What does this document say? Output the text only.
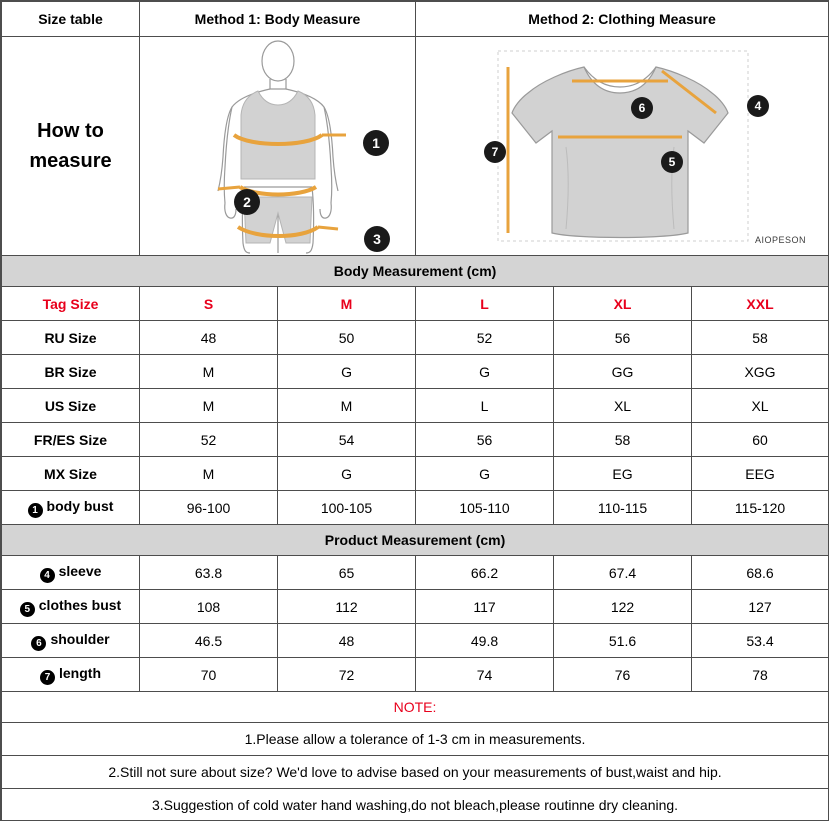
Size table	Method 1: Body Measure		Method 2: Clothing Measure		

How to
measure

1
2
3

6	4
5
7
AIOPESON

Body Measurement (cm)					
Tag Size	S	M	L	XL	XXL
RU Size	48	50	52	56	58
BR Size	M	G	G	GG	XGG
US Size	M	M	L	XL	XL
FR/ES Size	52	54	56	58	60
MX Size	M	G	G	EG	EEG
1 body bust	96-100	100-105	105-110	110-115	115-120
Product Measurement (cm)					
4 sleeve	63.8	65	66.2	67.4	68.6
5 clothes bust	108	112	117	122	127
6 shoulder	46.5	48	49.8	51.6	53.4
7 length	70	72	74	76	78
NOTE:					
1.Please allow a tolerance of 1-3 cm in measurements.					
2.Still not sure about size? We'd love to advise based on your measurements of bust,waist and hip.					
3.Suggestion of cold water hand washing,do not bleach,please routinne dry cleaning.					
